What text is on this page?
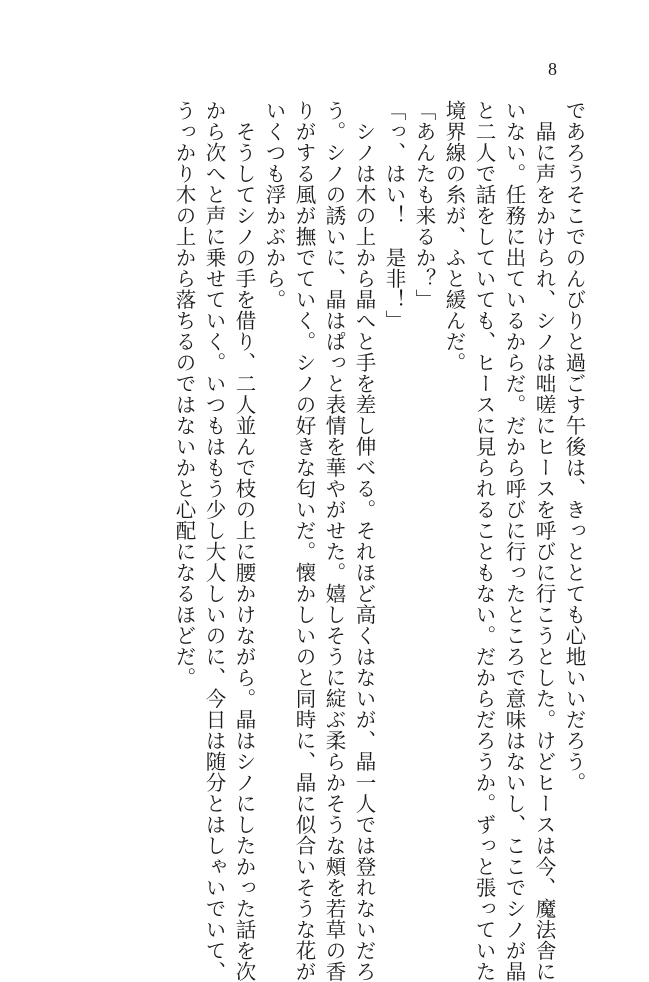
8
であろうそこでのんびりと過ごす午後は、きっととても心地いいだろう。
　晶に声をかけられ、シノは咄嗟にヒースを呼びに行こうとした。けどヒースは今、魔法舎に
いない。任務に出ているからだ。だから呼びに行ったところで意味はないし、ここでシノが晶
と二人で話をしていても、ヒースに見られることもない。だからだろうか。ずっと張っていた
境界線の糸が、ふと緩んだ。
「あんたも来るか？」
「っ、はい！　是非！」
　シノは木の上から晶へと手を差し伸べる。それほど高くはないが、晶一人では登れないだろ
う。シノの誘いに、晶はぱっと表情を華やがせた。嬉しそうに綻ぶ柔らかそうな頰を若草の香
りがする風が撫でていく。シノの好きな匂いだ。懐かしいのと同時に、晶に似合いそうな花が
いくつも浮かぶから。
　そうしてシノの手を借り、二人並んで枝の上に腰かけながら。晶はシノにしたかった話を次
から次へと声に乗せていく。いつもはもう少し大人しいのに、今日は随分とはしゃいでいて、
うっかり木の上から落ちるのではないかと心配になるほどだ。
